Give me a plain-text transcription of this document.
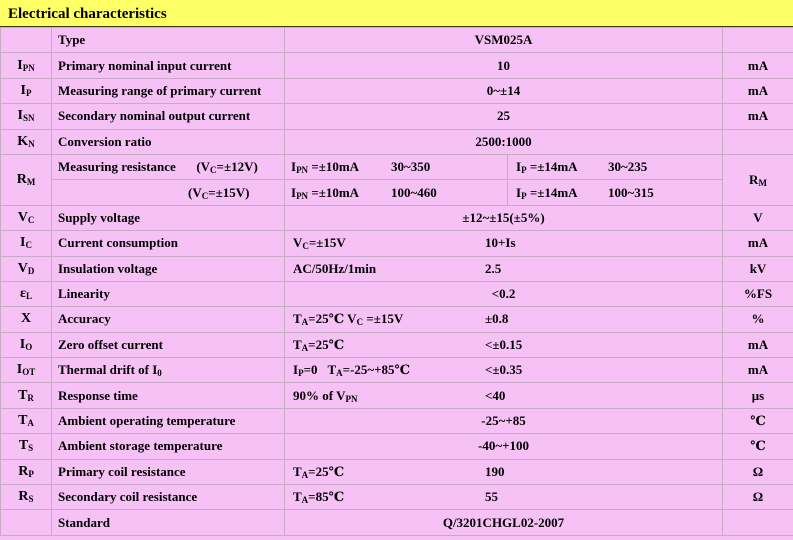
Electrical characteristics
	Type	VSM025A	
$I_{PN}$	Primary nominal input current	10	mA
$I_P$	Measuring range of primary current	0~±14	mA
$I_{SN}$	Secondary nominal output current	25	mA
$K_N$	Conversion ratio	2500:1000	
$R_M$	Measuring resistance $(V_C=\pm 12V)$	$I_{PN} =\pm 10mA$ 30~350 $I_P =\pm 14mA$ 30~235	$R_M$
	$(V_C=\pm 15V)$	$I_{PN} =\pm 10mA$ 100~460 $I_P =\pm 14mA$ 100~315	

$V_C$	Supply voltage	±12~±15(±5%)	V
$I_C$	Current consumption	$V_C=\pm 15V$ 10+Is	mA
$V_D$	Insulation voltage	AC/50Hz/1min 2.5	kV
$\varepsilon_L$	Linearity	<0.2	%FS
X	Accuracy	$T_A=25℃$ $V_C =\pm 15V \pm 0.8$	%
$I_O$	Zero offset current	$T_A=25℃ <\pm 0.15$	mA
$I_{OT}$	Thermal drift of $I_0$	$I_P=0$ $T_A=-25\sim+85℃ <\pm 0.35$	mA
$T_R$	Response time	90% of $V_{PN} <40$	μs
$T_A$	Ambient operating temperature	-25~+85	℃
$T_S$	Ambient storage temperature	-40~+100	℃
$R_P$	Primary coil resistance	$T_A=25℃$ 190	Ω
$R_S$	Secondary coil resistance	$T_A=85℃$ 55	Ω
	Standard	Q/3201CHGL02-2007	
